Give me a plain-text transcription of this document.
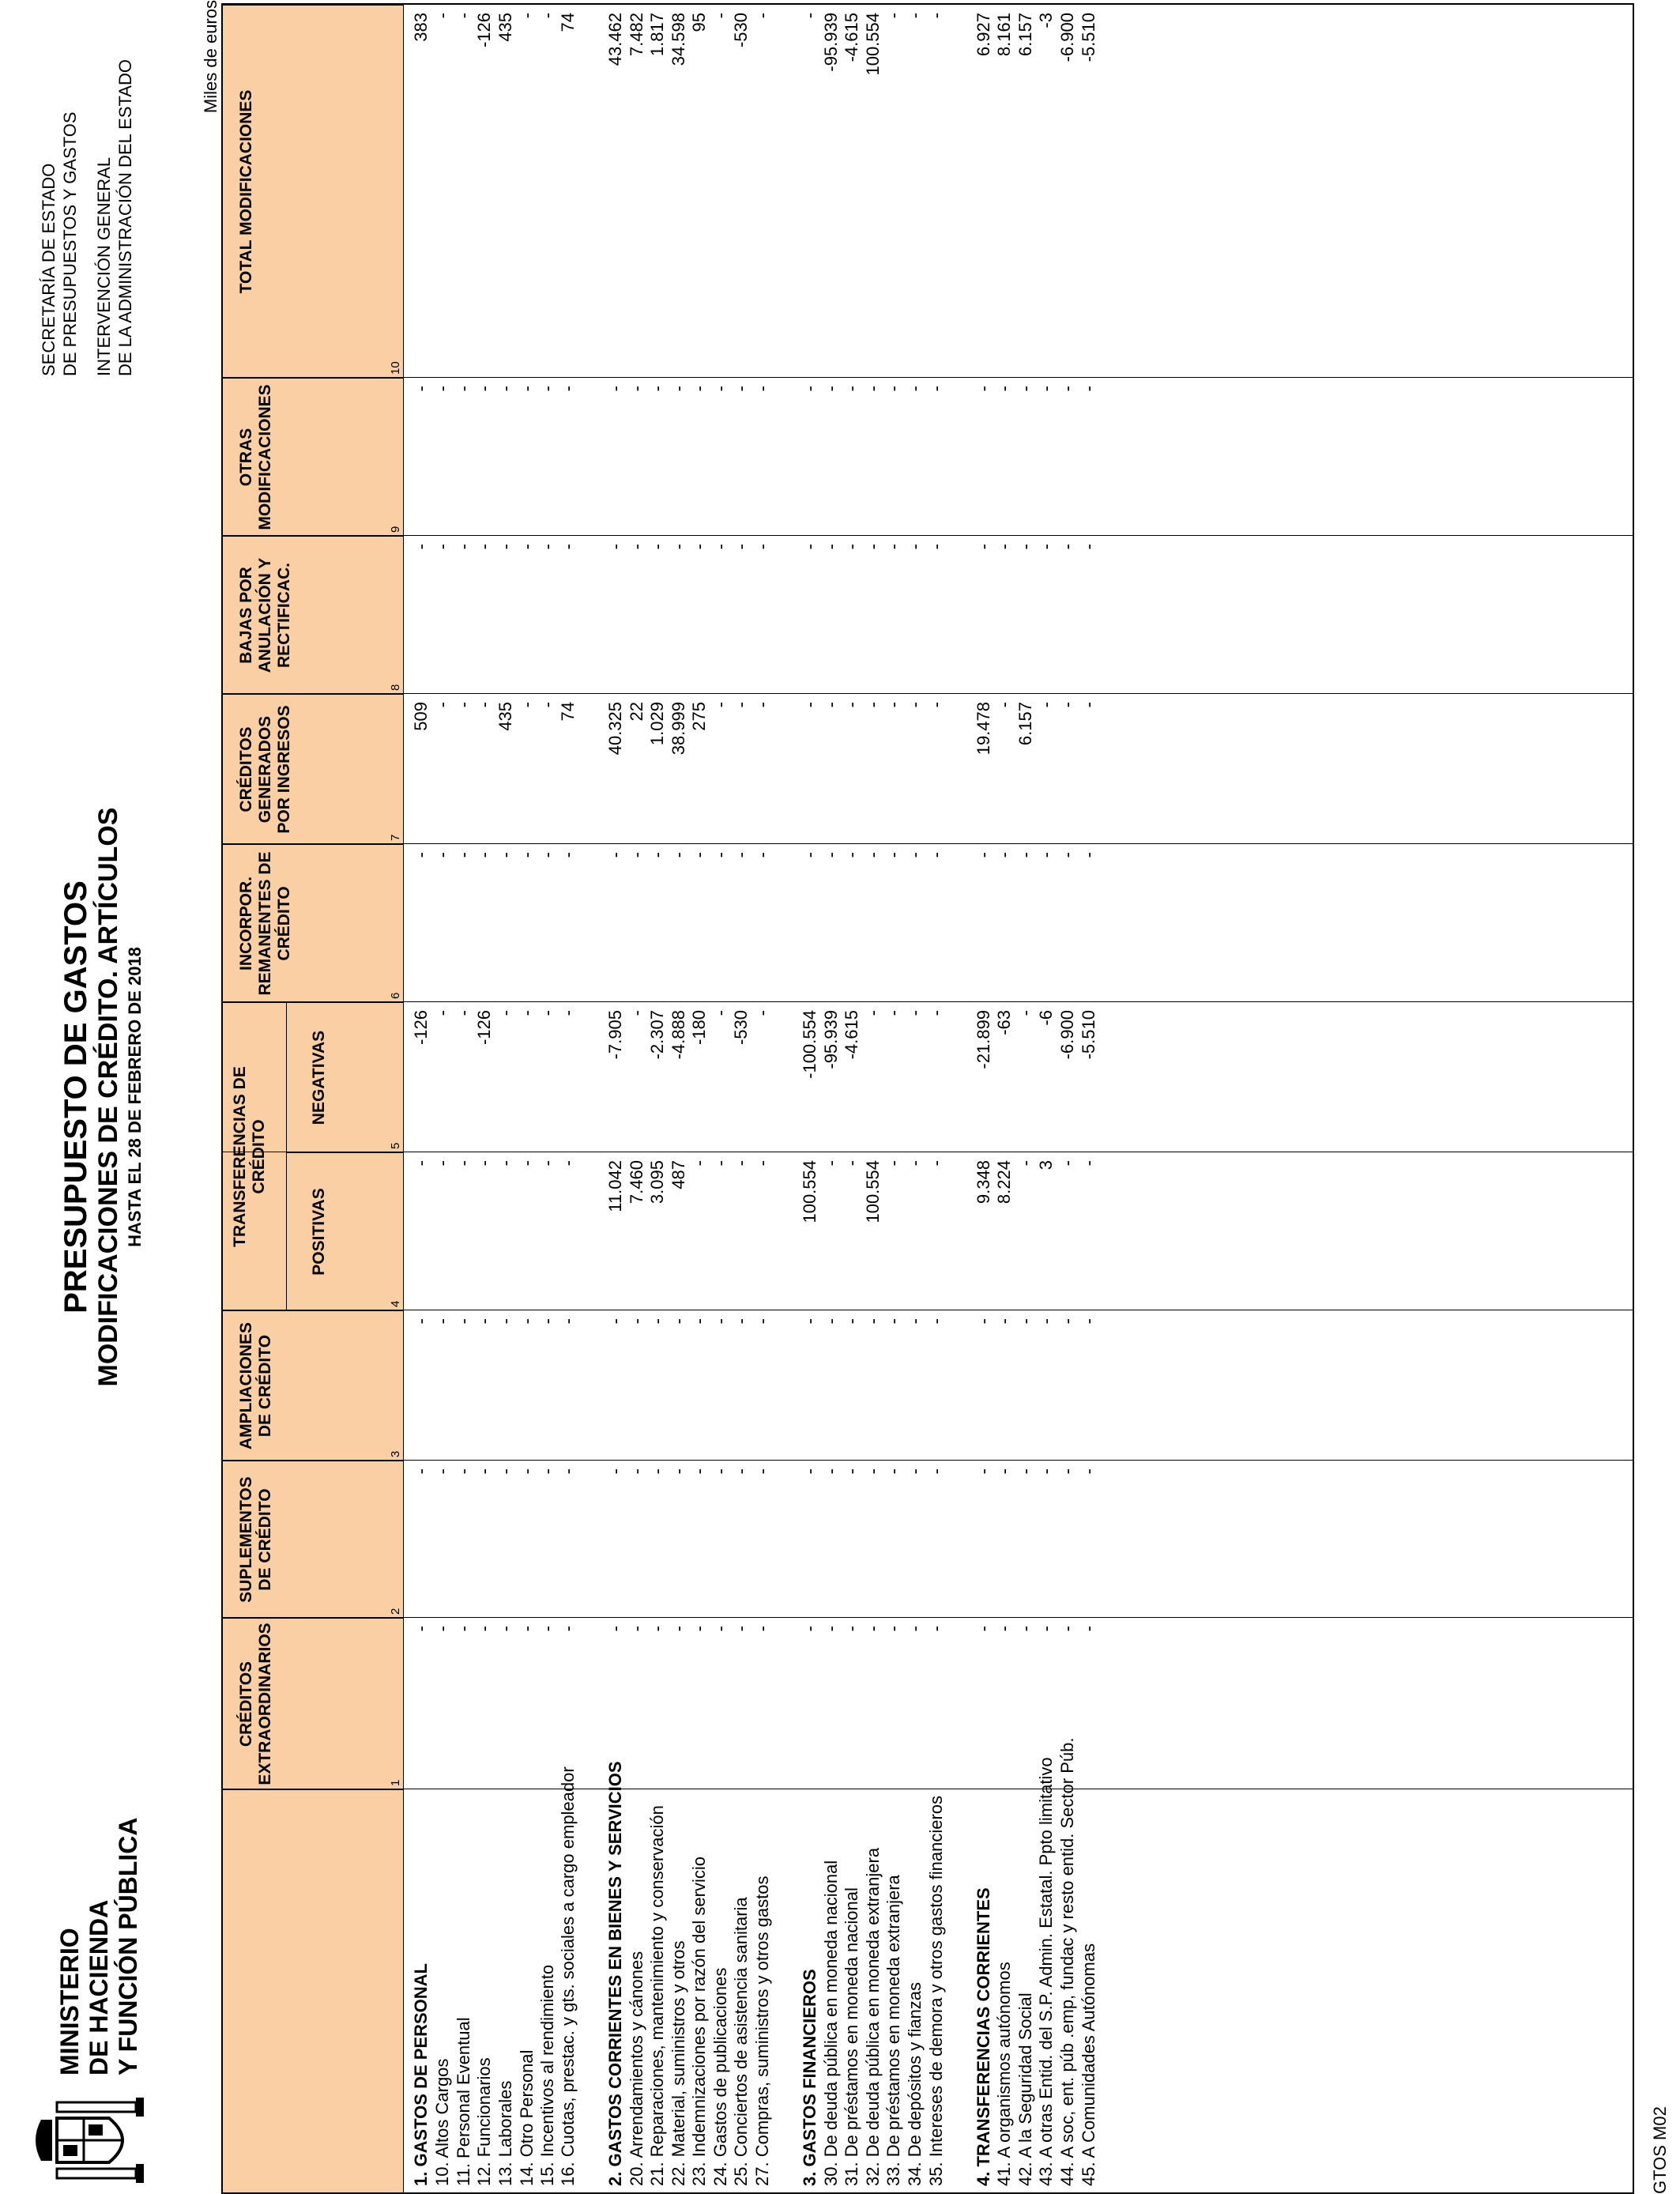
MINISTERIO
DE HACIENDA
Y FUNCIÓN PÚBLICA
PRESUPUESTO DE GASTOS MODIFICACIONES DE CRÉDITO. ARTÍCULOS HASTA EL 28 DE FEBRERO DE 2018
SECRETARÍA DE ESTADO DE PRESUPUESTOS Y GASTOS INTERVENCIÓN GENERAL DE LA ADMINISTRACIÓN DEL ESTADO
Miles de euros
CRÉDITOS EXTRAORDINARIOS	1
SUPLEMENTOS DE CRÉDITO
2
AMPLIACIONES DE CRÉDITO
3
POSITIVAS
4
NEGATIVAS
5
INCORPOR. REMANENTES DE CRÉDITO
6
CRÉDITOS GENERADOS POR INGRESOS
7
BAJAS POR ANULACIÓN Y RECTIFICAC.
8
OTRAS MODIFICACIONES	9
TOTAL MODIFICACIONES
10
TRANSFERENCIAS DE CRÉDITO
1. GASTOS DE PERSONAL
-
-
-
-
-126
-
509
-
-
383
10. Altos Cargos
-
-
-
-
-
-
-
-
-
-
11. Personal Eventual
-
-
-
-
-
-
-
-
-
-
12. Funcionarios
-
-
-
-
-126
-
-
-
-
-126
13. Laborales
-
-
-
-
-
-
435
-
-
435
14. Otro Personal
-
-
-
-
-
-
-
-
-
-
15. Incentivos al rendimiento
-
-
-
-
-
-
-
-
-
-
16. Cuotas, prestac. y gts. sociales a cargo empleador
-
-
-
-
-
-
74
-
-
74
2. GASTOS CORRIENTES EN BIENES Y SERVICIOS
-
-
-
11.042
-7.905
-
40.325
-
-
43.462
20. Arrendamientos y cánones
-
-
-
7.460
-
-
22
-
-
7.482
21. Reparaciones, mantenimiento y conservación
-
-
-
3.095
-2.307
-
1.029
-
-
1.817
22. Material, suministros y otros
-
-
-
487
-4.888
-
38.999
-
-
34.598
23. Indemnizaciones por razón del servicio
-
-
-
-
-180
-
275
-
-
95
24. Gastos de publicaciones
-
-
-
-
-
-
-
-
-
-
25. Conciertos de asistencia sanitaria
-
-
-
-
-530
-
-
-
-
-530
27. Compras, suministros y otros gastos
-
-
-
-
-
-
-
-
-
-
3. GASTOS FINANCIEROS
-
-
-
100.554
-100.554
-
-
-
-
-
30. De deuda pública en moneda nacional
-
-
-
-
-95.939
-
-
-
-
-95.939
31. De préstamos en moneda nacional
-
-
-
-
-4.615
-
-
-
-
-4.615
32. De deuda pública en moneda extranjera
-
-
-
100.554
-
-
-
-
-
100.554
33. De préstamos en moneda extranjera
-
-
-
-
-
-
-
-
-
-
34. De depósitos y fianzas
-
-
-
-
-
-
-
-
-
-
35. Intereses de demora y otros gastos financieros
-
-
-
-
-
-
-
-
-
-
4. TRANSFERENCIAS CORRIENTES
-
-
-
9.348
-21.899
-
19.478
-
-
6.927
41. A organismos autónomos
-
-
-
8.224
-63
-
-
-
-
8.161
42. A la Seguridad Social
-
-
-
-
-
-
6.157
-
-
6.157
43. A otras Entid. del S.P. Admin. Estatal. Ppto limitativo
-
-
-
3
-6
-
-
-
-
-3
44. A soc, ent. púb .emp, fundac y resto entid. Sector Púb.
-
-
-
-
-6.900
-
-
-
-
-6.900
45. A Comunidades Autónomas
-
-
-
-
-5.510
-
-
-
-
-5.510
GTOS M02
